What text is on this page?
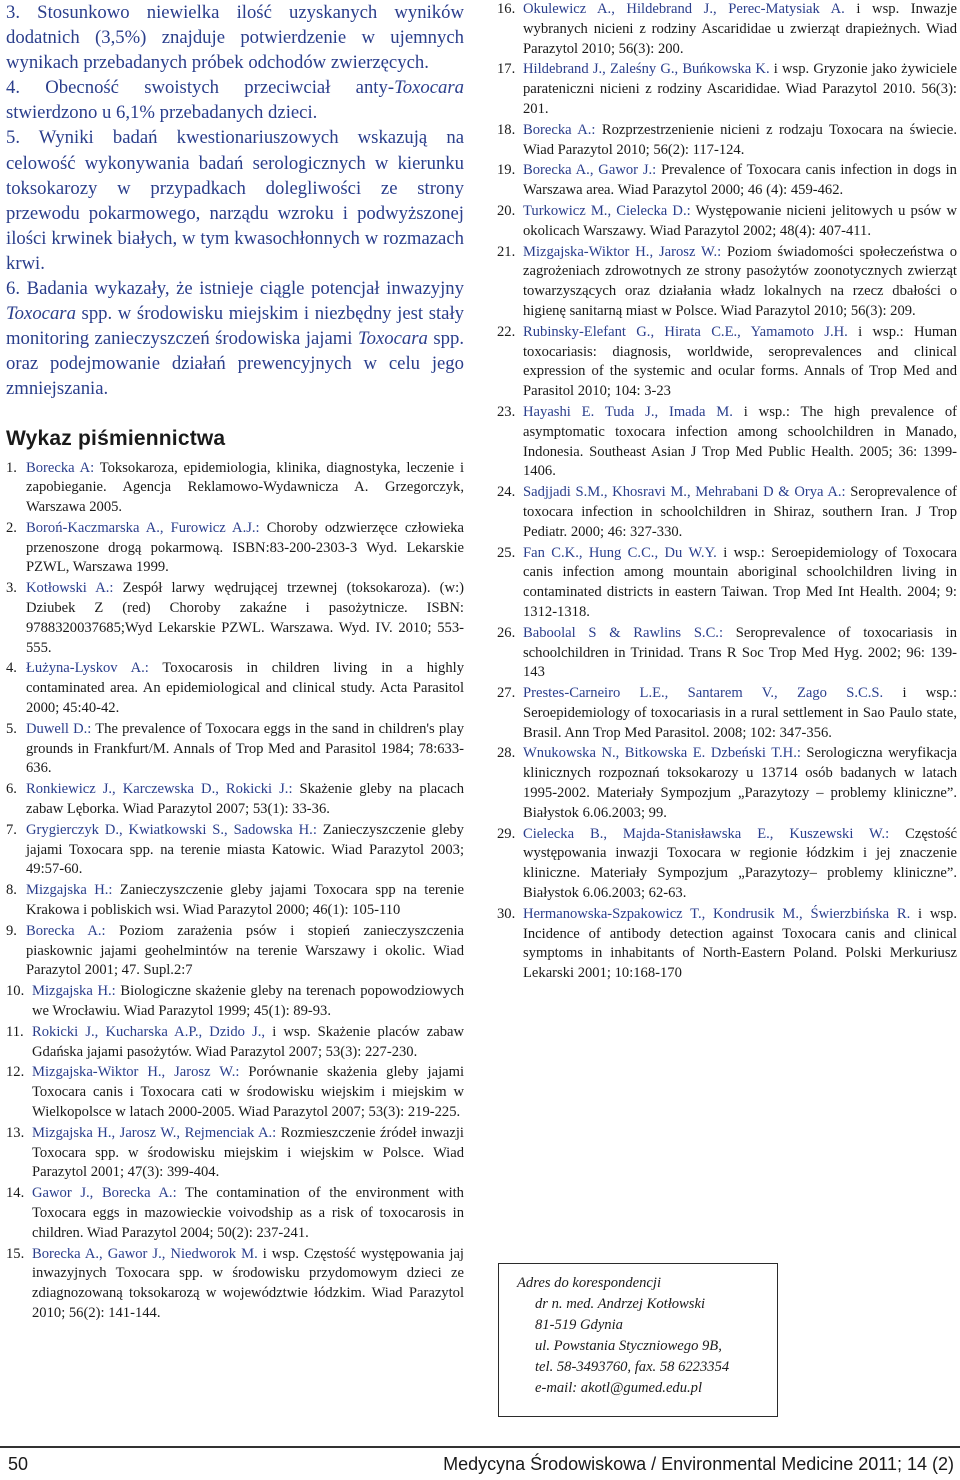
3. Stosunkowo niewielka ilość uzyskanych wyników dodatnich (3,5%) znajduje potwierdzenie w ujemnych wynikach przebadanych próbek odchodów zwierzęcych.

4. Obecność swoistych przeciwciał anty-Toxocara stwierdzono u 6,1% przebadanych dzieci.

5. Wyniki badań kwestionariuszowych wskazują na celowość wykonywania badań serologicznych w kierunku toksokarozy w przypadkach dolegliwości ze strony przewodu pokarmowego, narządu wzroku i podwyższonej ilości krwinek białych, w tym kwasochłonnych w rozmazach krwi.

6. Badania wykazały, że istnieje ciągle potencjał inwazyjny Toxocara spp. w środowisku miejskim i niezbędny jest stały monitoring zanieczyszczeń środowiska jajami Toxocara spp. oraz podejmowanie działań prewencyjnych w celu jego zmniejszania.

Wykaz piśmiennictwa
1. Borecka A: Toksokaroza, epidemiologia, klinika, diagnostyka, leczenie i zapobieganie. Agencja Reklamowo-Wydawnicza A. Grzegorczyk, Warszawa 2005.
2. Boroń-Kaczmarska A., Furowicz A.J.: Choroby odzwierzęce człowieka przenoszone drogą pokarmową. ISBN:83-200-2303-3 Wyd. Lekarskie PZWL, Warszawa 1999.
3. Kotłowski A.: Zespół larwy wędrującej trzewnej (toksokaroza). (w:) Dziubek Z (red) Choroby zakaźne i pasożytnicze. ISBN: 9788320037685;Wyd Lekarskie PZWL. Warszawa. Wyd. IV. 2010; 553-555.
4. Łużyna-Lyskov A.: Toxocarosis in children living in a highly contaminated area. An epidemiological and clinical study. Acta Parasitol 2000; 45:40-42.
5. Duwell D.: The prevalence of Toxocara eggs in the sand in children's play grounds in Frankfurt/M. Annals of Trop Med and Parasitol 1984; 78:633-636.
6. Ronkiewicz J., Karczewska D., Rokicki J.: Skażenie gleby na placach zabaw Lęborka. Wiad Parazytol 2007; 53(1): 33-36.
7. Grygierczyk D., Kwiatkowski S., Sadowska H.: Zanieczyszczenie gleby jajami Toxocara spp. na terenie miasta Katowic. Wiad Parazytol 2003; 49:57-60.
8. Mizgajska H.: Zanieczyszczenie gleby jajami Toxocara spp na terenie Krakowa i pobliskich wsi. Wiad Parazytol 2000; 46(1): 105-110
9. Borecka A.: Poziom zarażenia psów i stopień zanieczyszczenia piaskownic jajami geohelmintów na terenie Warszawy i okolic. Wiad Parazytol 2001; 47. Supl.2:7
10. Mizgajska H.: Biologiczne skażenie gleby na terenach popowodziowych we Wrocławiu. Wiad Parazytol 1999; 45(1): 89-93.
11. Rokicki J., Kucharska A.P., Dzido J., i wsp. Skażenie placów zabaw Gdańska jajami pasożytów. Wiad Parazytol 2007; 53(3): 227-230.
12. Mizgajska-Wiktor H., Jarosz W.: Porównanie skażenia gleby jajami Toxocara canis i Toxocara cati w środowisku wiejskim i miejskim w Wielkopolsce w latach 2000-2005. Wiad Parazytol 2007; 53(3): 219-225.
13. Mizgajska H., Jarosz W., Rejmenciak A.: Rozmieszczenie źródeł inwazji Toxocara spp. w środowisku miejskim i wiejskim w Polsce. Wiad Parazytol 2001; 47(3): 399-404.
14. Gawor J., Borecka A.: The contamination of the environment with Toxocara eggs in mazowieckie voivodship as a risk of toxocarosis in children. Wiad Parazytol 2004; 50(2): 237-241.
15. Borecka A., Gawor J., Niedworok M. i wsp. Częstość występowania jaj inwazyjnych Toxocara spp. w środowisku przydomowym dzieci ze zdiagnozowaną toksokarozą w województwie łódzkim. Wiad Parazytol 2010; 56(2): 141-144.
16. Okulewicz A., Hildebrand J., Perec-Matysiak A. i wsp. Inwazje wybranych nicieni z rodziny Ascarididae u zwierząt drapieżnych. Wiad Parazytol 2010; 56(3): 200.
17. Hildebrand J., Zaleśny G., Buńkowska K. i wsp. Gryzonie jako żywiciele parateniczni nicieni z rodziny Ascarididae. Wiad Parazytol 2010. 56(3): 201.
18. Borecka A.: Rozprzestrzenienie nicieni z rodzaju Toxocara na świecie. Wiad Parazytol 2010; 56(2): 117-124.
19. Borecka A., Gawor J.: Prevalence of Toxocara canis infection in dogs in Warszawa area. Wiad Parazytol 2000; 46 (4): 459-462.
20. Turkowicz M., Cielecka D.: Występowanie nicieni jelitowych u psów w okolicach Warszawy. Wiad Parazytol 2002; 48(4): 407-411.
21. Mizgajska-Wiktor H., Jarosz W.: Poziom świadomości społeczeństwa o zagrożeniach zdrowotnych ze strony pasożytów zoonotycznych zwierząt towarzyszących oraz działania władz lokalnych na rzecz dbałości o higienę sanitarną miast w Polsce. Wiad Parazytol 2010; 56(3): 209.
22. Rubinsky-Elefant G., Hirata C.E., Yamamoto J.H. i wsp.: Human toxocariasis: diagnosis, worldwide, seroprevalences and clinical expression of the systemic and ocular forms. Annals of Trop Med and Parasitol 2010; 104: 3-23
23. Hayashi E. Tuda J., Imada M. i wsp.: The high prevalence of asymptomatic toxocara infection among schoolchildren in Manado, Indonesia. Southeast Asian J Trop Med Public Health. 2005; 36: 1399-1406.
24. Sadjjadi S.M., Khosravi M., Mehrabani D & Orya A.: Seroprevalence of toxocara infection in schoolchildren in Shiraz, southern Iran. J Trop Pediatr. 2000; 46: 327-330.
25. Fan C.K., Hung C.C., Du W.Y. i wsp.: Seroepidemiology of Toxocara canis infection among mountain aboriginal schoolchildren living in contaminated districts in eastern Taiwan. Trop Med Int Health. 2004; 9: 1312-1318.
26. Baboolal S & Rawlins S.C.: Seroprevalence of toxocariasis in schoolchildren in Trinidad. Trans R Soc Trop Med Hyg. 2002; 96: 139-143
27. Prestes-Carneiro L.E., Santarem V., Zago S.C.S. i wsp.: Seroepidemiology of toxocariasis in a rural settlement in Sao Paulo state, Brasil. Ann Trop Med Parasitol. 2008; 102: 347-356.
28. Wnukowska N., Bitkowska E. Dzbeński T.H.: Serologiczna weryfikacja klinicznych rozpoznań toksokarozy u 13714 osób badanych w latach 1995-2002. Materiały Sympozjum „Parazytozy – problemy kliniczne”. Białystok 6.06.2003; 99.
29. Cielecka B., Majda-Stanisławska E., Kuszewski W.: Częstość występowania inwazji Toxocara w regionie łódzkim i jej znaczenie kliniczne. Materiały Sympozjum „Parazytozy– problemy kliniczne”. Białystok 6.06.2003; 62-63.
30. Hermanowska-Szpakowicz T., Kondrusik M., Świerzbińska R. i wsp. Incidence of antibody detection against Toxocara canis and clinical symptoms in inhabitants of North-Eastern Poland. Polski Merkuriusz Lekarski 2001; 10:168-170
Adres do korespondencji
dr n. med. Andrzej Kotłowski
81-519 Gdynia
ul. Powstania Styczniowego 9B,
tel. 58-3493760, fax. 58 6223354
e-mail: akotl@gumed.edu.pl
50	Medycyna Środowiskowa / Environmental Medicine 2011; 14 (2)
